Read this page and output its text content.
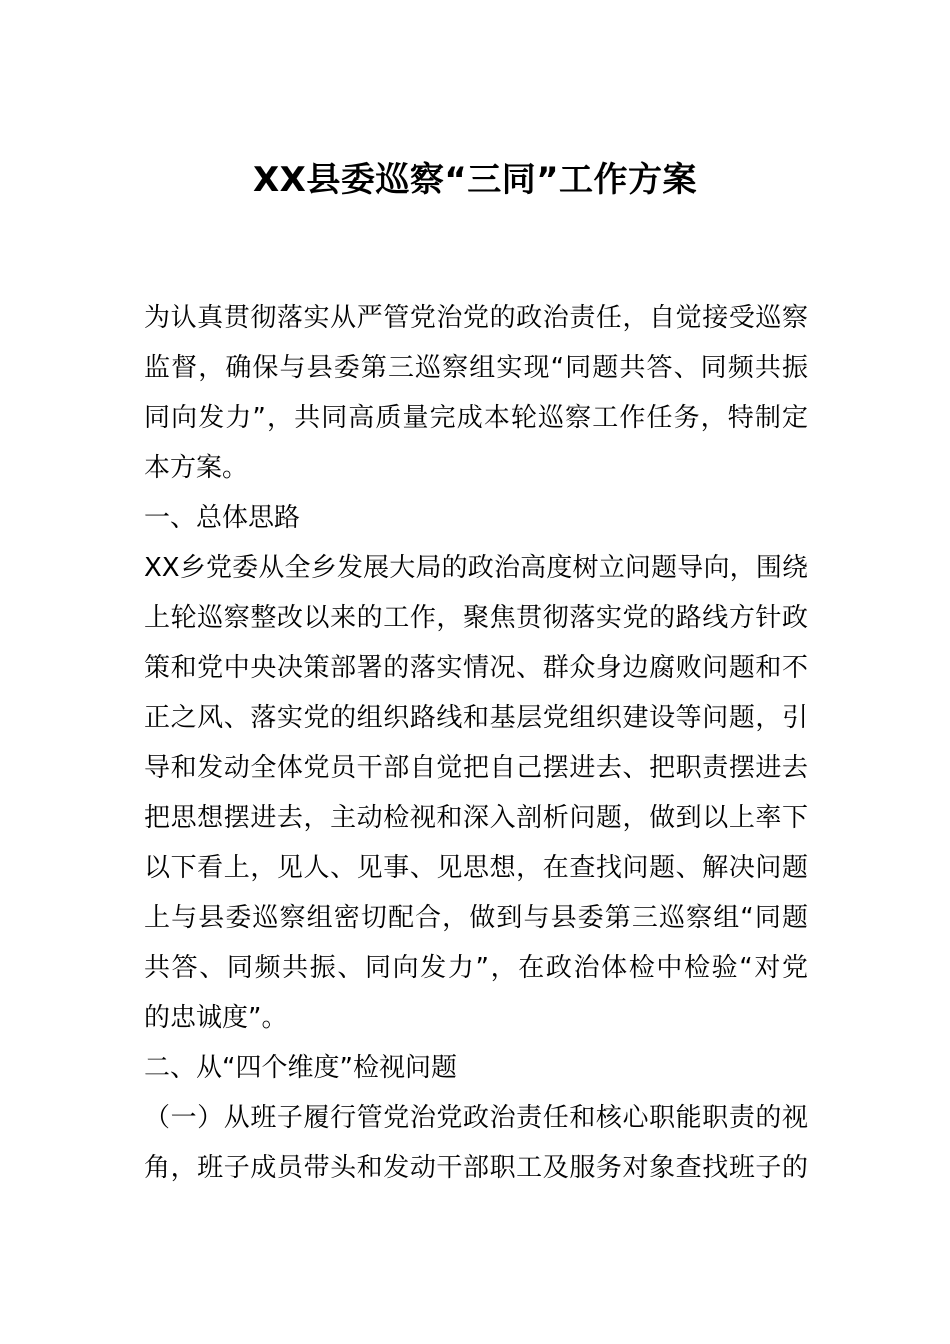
XX县委巡察“三同”工作方案
为认真贯彻落实从严管党治党的政治责任，自觉接受巡察
监督，确保与县委第三巡察组实现“同题共答、同频共振
同向发力”，共同高质量完成本轮巡察工作任务，特制定
本方案。
一、总体思路
XX乡党委从全乡发展大局的政治高度树立问题导向，围绕
上轮巡察整改以来的工作，聚焦贯彻落实党的路线方针政
策和党中央决策部署的落实情况、群众身边腐败问题和不
正之风、落实党的组织路线和基层党组织建设等问题，引
导和发动全体党员干部自觉把自己摆进去、把职责摆进去
把思想摆进去，主动检视和深入剖析问题，做到以上率下
以下看上，见人、见事、见思想，在查找问题、解决问题
上与县委巡察组密切配合，做到与县委第三巡察组“同题
共答、同频共振、同向发力”，在政治体检中检验“对党
的忠诚度”。
二、从“四个维度”检视问题
（一）从班子履行管党治党政治责任和核心职能职责的视
角，班子成员带头和发动干部职工及服务对象查找班子的
